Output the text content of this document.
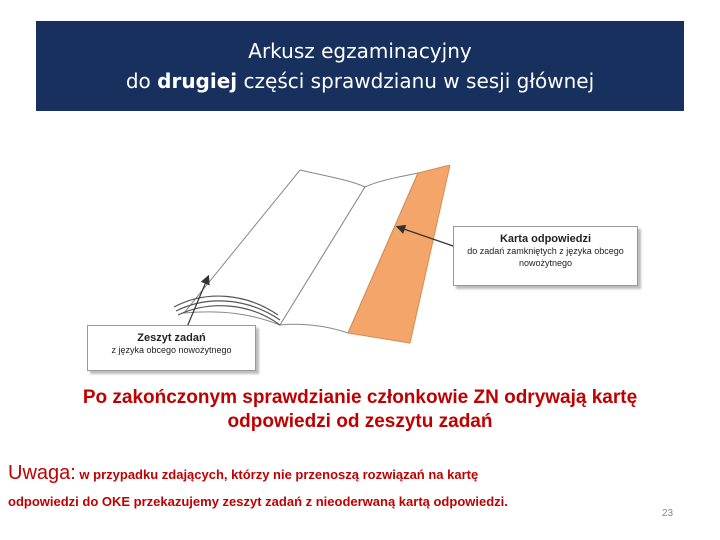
Arkusz egzaminacyjny
do drugiej części sprawdzianu w sesji głównej
Karta odpowiedzi
do zadań zamkniętych z języka obcego
nowożytnego
Zeszyt zadań
z języka obcego nowożytnego
Po zakończonym sprawdzianie członkowie ZN odrywają kartę
odpowiedzi od zeszytu zadań
Uwaga: w przypadku zdających, którzy nie przenoszą rozwiązań na kartę
odpowiedzi do OKE przekazujemy zeszyt zadań z nieoderwaną kartą odpowiedzi.
23
